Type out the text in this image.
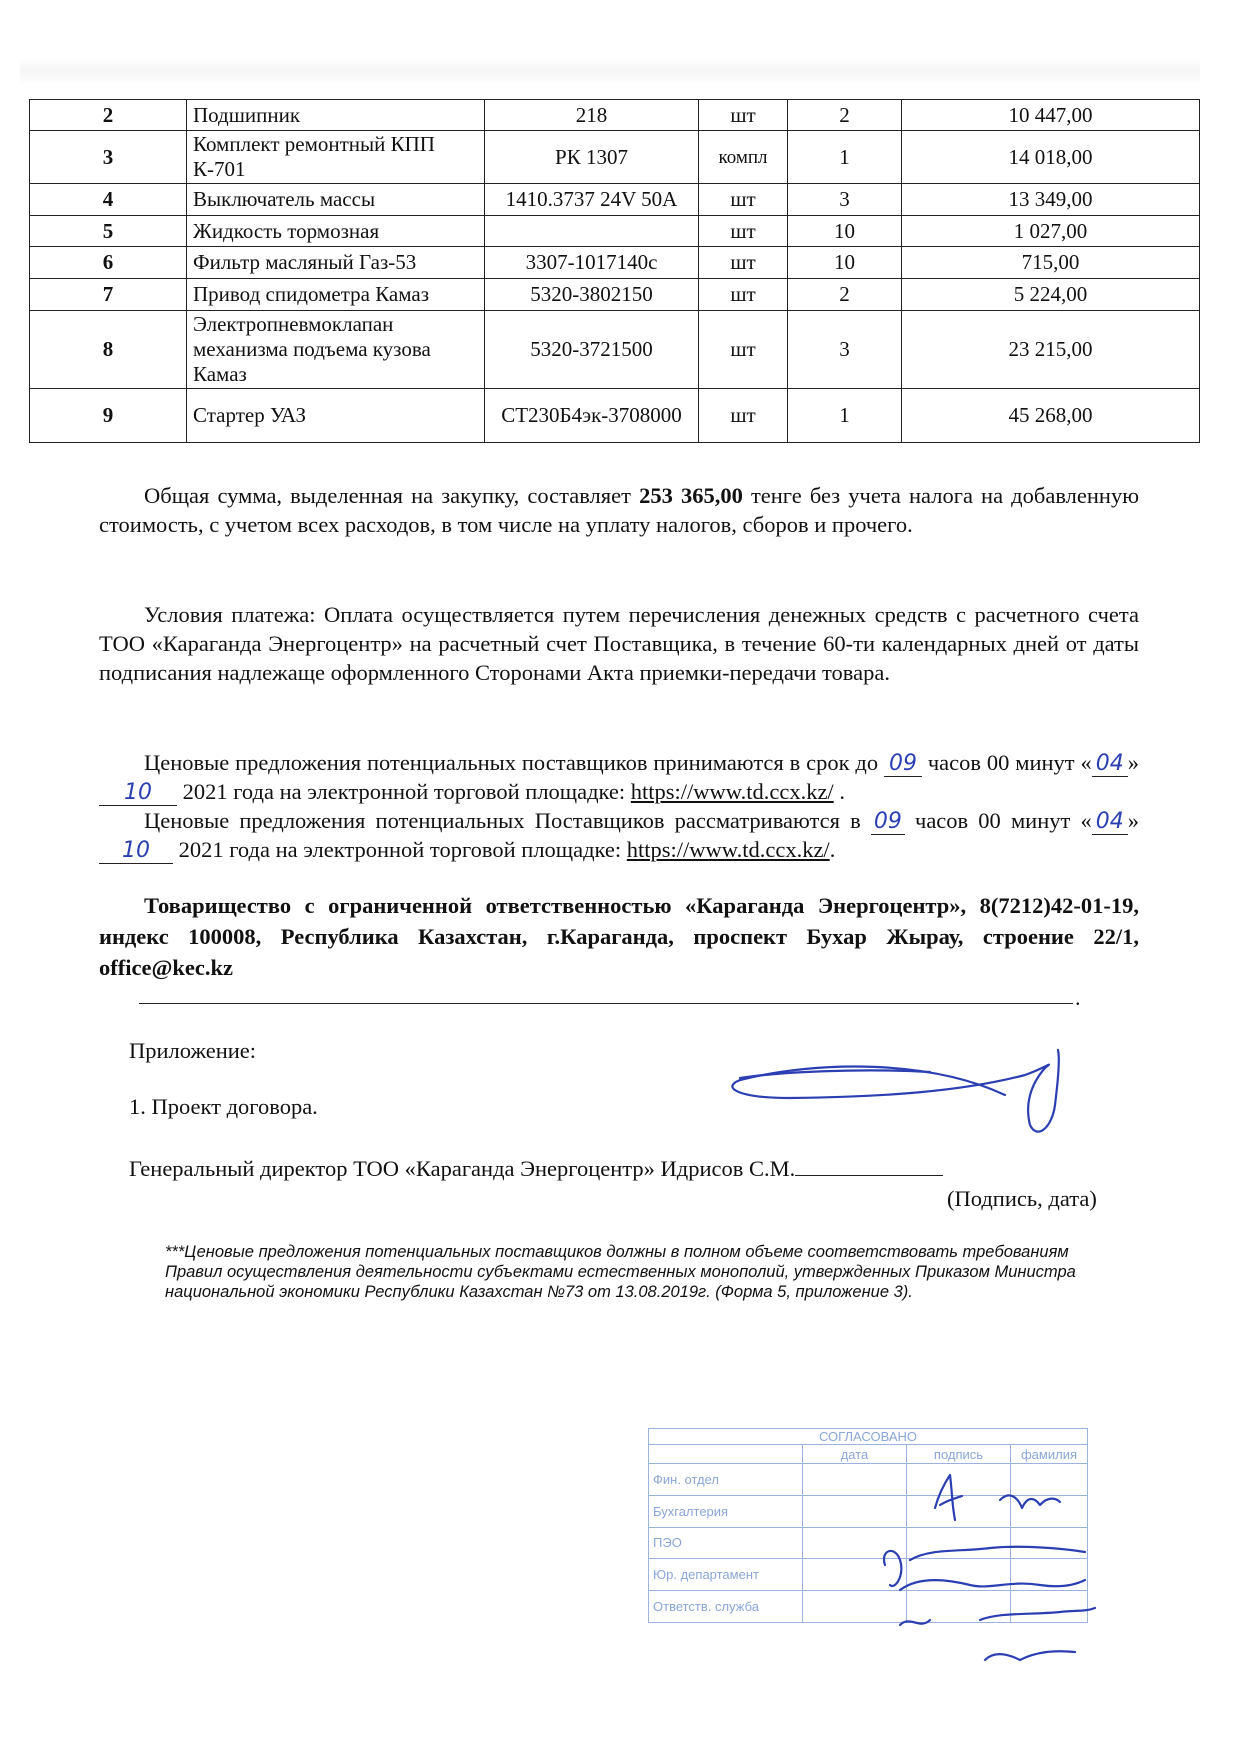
2	Подшипник	218	шт	2	10 447,00
3	Комплект ремонтный КПП К-701	РК 1307	компл	1	14 018,00
4	Выключатель массы	1410.3737 24V 50A	шт	3	13 349,00
5	Жидкость тормозная		шт	10	1 027,00
6	Фильтр масляный Газ-53	3307-1017140с	шт	10	715,00
7	Привод спидометра Камаз	5320-3802150	шт	2	5 224,00
8	Электропневмоклапан механизма подъема кузова Камаз	5320-3721500	шт	3	23 215,00
9	Стартер УАЗ	СТ230Б4эк-3708000	шт	1	45 268,00
Общая сумма, выделенная на закупку, составляет 253 365,00 тенге без учета налога на добавленную стоимость, с учетом всех расходов, в том числе на уплату налогов, сборов и прочего.
Условия платежа: Оплата осуществляется путем перечисления денежных средств с расчетного счета ТОО «Караганда Энергоцентр» на расчетный счет Поставщика, в течение 60-ти календарных дней от даты подписания надлежаще оформленного Сторонами Акта приемки-передачи товара.
Ценовые предложения потенциальных поставщиков принимаются в срок до 09 часов 00 минут « 04 » 10 2021 года на электронной торговой площадке: https://www.td.ccx.kz/ .
Ценовые предложения потенциальных Поставщиков рассматриваются в 09 часов 00 минут « 04 » 10 2021 года на электронной торговой площадке: https://www.td.ccx.kz/.
Товарищество с ограниченной ответственностью «Караганда Энергоцентр», 8(7212)42-01-19, индекс 100008, Республика Казахстан, г.Караганда, проспект Бухар Жырау, строение 22/1, office@kec.kz
.
Приложение:
1. Проект договора.
Генеральный директор ТОО «Караганда Энергоцентр» Идрисов С.М.
(Подпись, дата)
***Ценовые предложения потенциальных поставщиков должны в полном объеме соответствовать требованиям Правил осуществления деятельности субъектами естественных монополий, утвержденных Приказом Министра национальной экономики Республики Казахстан №73 от 13.08.2019г. (Форма 5, приложение 3).
СОГЛАСОВАНО			
	дата	подпись	фамилия
Фин. отдел			
Бухгалтерия			
ПЭО			
Юр. департамент			
Ответств. служба			
